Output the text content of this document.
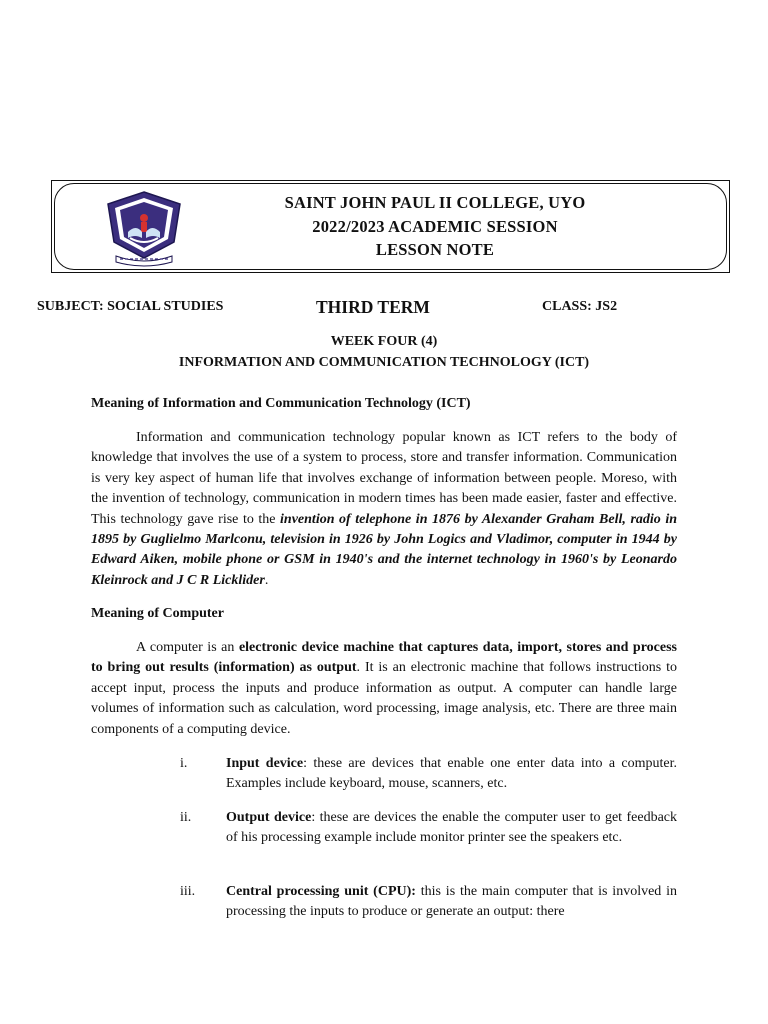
SAINT JOHN PAUL II COLLEGE, UYO
2022/2023 ACADEMIC SESSION
LESSON NOTE
SUBJECT: SOCIAL STUDIES	THIRD TERM	CLASS: JS2
WEEK FOUR (4)
INFORMATION AND COMMUNICATION TECHNOLOGY (ICT)
Meaning of Information and Communication Technology (ICT)

Information and communication technology popular known as ICT refers to the body of knowledge that involves the use of a system to process, store and transfer information. Communication is very key aspect of human life that involves exchange of information between people. Moreso, with the invention of technology, communication in modern times has been made easier, faster and effective. This technology gave rise to the invention of telephone in 1876 by Alexander Graham Bell, radio in 1895 by Guglielmo Marlconu, television in 1926 by John Logics and Vladimor, computer in 1944 by Edward Aiken, mobile phone or GSM in 1940's and the internet technology in 1960's by Leonardo Kleinrock and J C R Licklider.

Meaning of Computer

A computer is an electronic device machine that captures data, import, stores and process to bring out results (information) as output. It is an electronic machine that follows instructions to accept input, process the inputs and produce information as output. A computer can handle large volumes of information such as calculation, word processing, image analysis, etc. There are three main components of a computing device.

i.	Input device: these are devices that enable one enter data into a computer. Examples include keyboard, mouse, scanners, etc.

ii.	Output device: these are devices the enable the computer user to get feedback of his processing example include monitor printer see the speakers etc.

iii.	Central processing unit (CPU): this is the main computer that is involved in processing the inputs to produce or generate an output: there
